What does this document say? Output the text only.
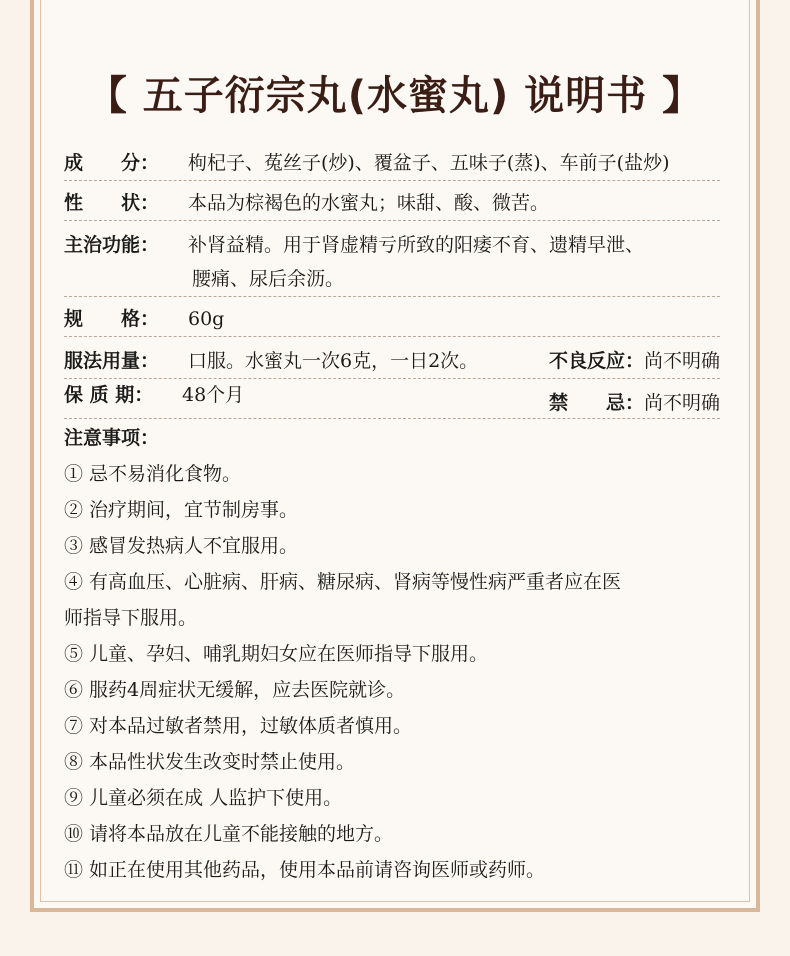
【 五子衍宗丸(水蜜丸) 说明书 】
成　　分： 枸杞子、菟丝子(炒)、覆盆子、五味子(蒸)、车前子(盐炒)
性　　状： 本品为棕褐色的水蜜丸；味甜、酸、微苦。
主治功能： 补肾益精。用于肾虚精亏所致的阳痿不育、遗精早泄、
腰痛、尿后余沥。
规　　格： 60g
服法用量： 口服。水蜜丸一次6克，一日2次。	不良反应：尚不明确
保 质 期： 48个月	禁　　忌：尚不明确
注意事项：
① 忌不易消化食物。
② 治疗期间，宜节制房事。
③ 感冒发热病人不宜服用。
④ 有高血压、心脏病、肝病、糖尿病、肾病等慢性病严重者应在医
师指导下服用。
⑤ 儿童、孕妇、哺乳期妇女应在医师指导下服用。
⑥ 服药4周症状无缓解，应去医院就诊。
⑦ 对本品过敏者禁用，过敏体质者慎用。
⑧ 本品性状发生改变时禁止使用。
⑨ 儿童必须在成 人监护下使用。
⑩ 请将本品放在儿童不能接触的地方。
⑪ 如正在使用其他药品，使用本品前请咨询医师或药师。
